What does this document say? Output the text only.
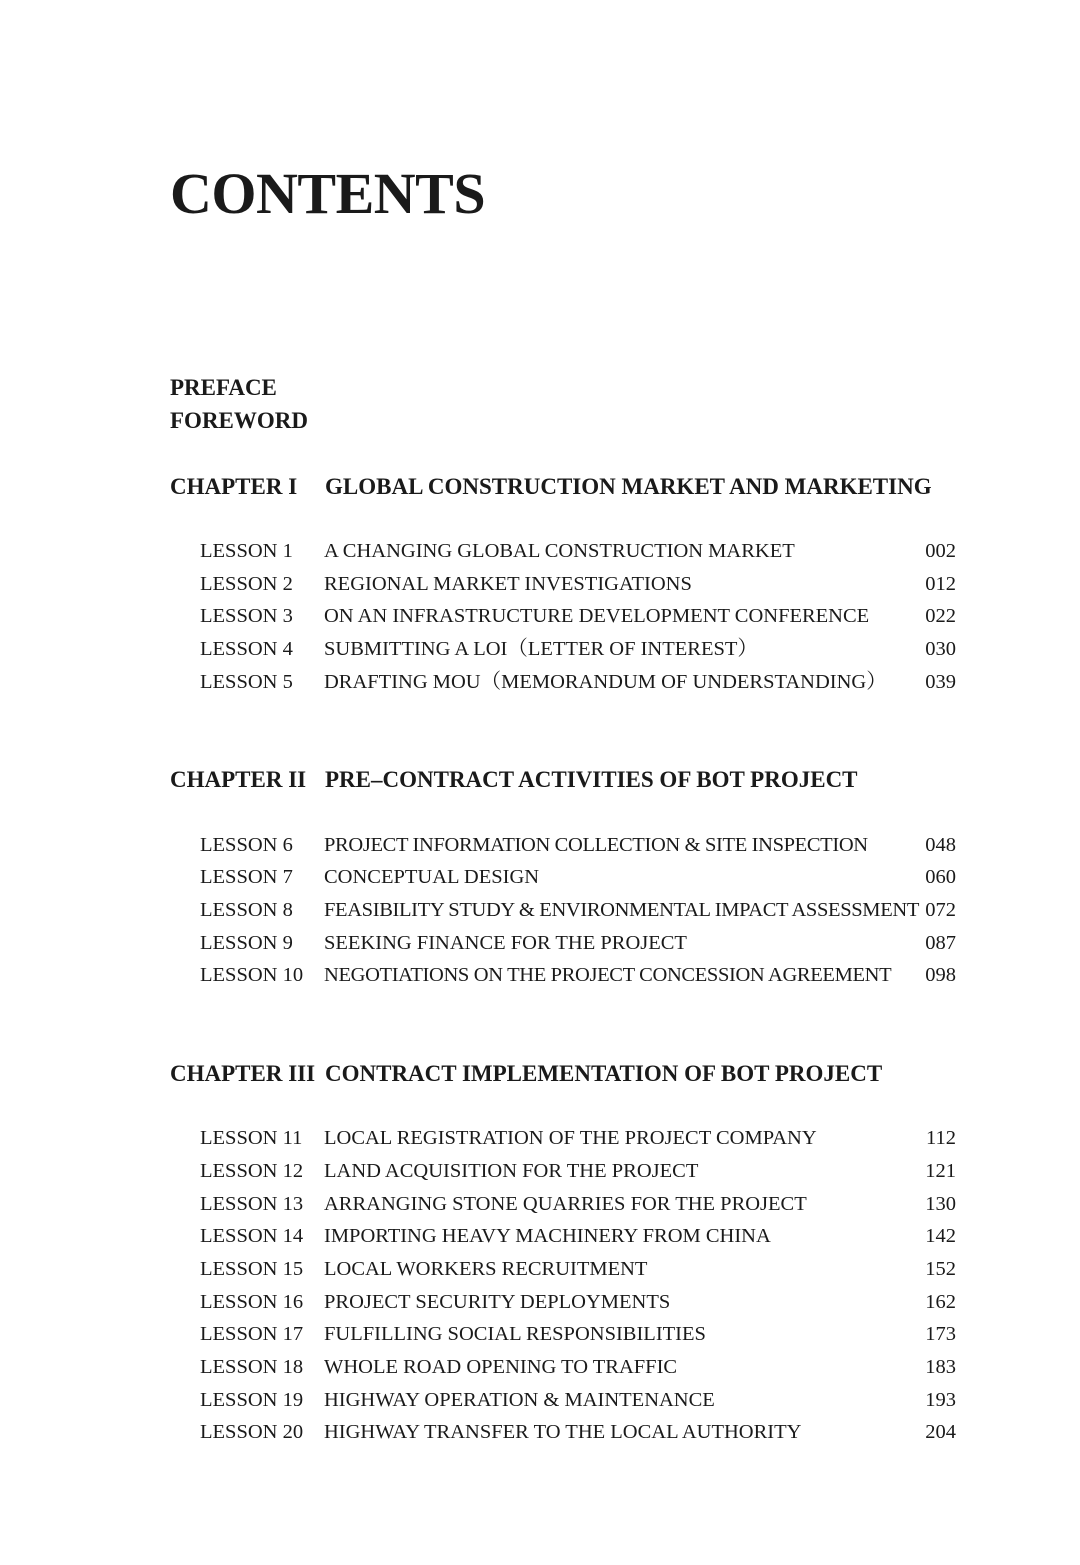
CONTENTS
PREFACE
FOREWORD
CHAPTER I GLOBAL CONSTRUCTION MARKET AND MARKETING
LESSON 1 A CHANGING GLOBAL CONSTRUCTION MARKET	002
LESSON 2 REGIONAL MARKET INVESTIGATIONS	012
LESSON 3 ON AN INFRASTRUCTURE DEVELOPMENT CONFERENCE	022
LESSON 4 SUBMITTING A LOI（LETTER OF INTEREST）	030
LESSON 5 DRAFTING MOU（MEMORANDUM OF UNDERSTANDING） 039
CHAPTER II PRE–CONTRACT ACTIVITIES OF BOT PROJECT
LESSON 6 PROJECT INFORMATION COLLECTION & SITE INSPECTION	048
LESSON 7 CONCEPTUAL DESIGN	060
LESSON 8 FEASIBILITY STUDY & ENVIRONMENTAL IMPACT ASSESSMENT 072
LESSON 9 SEEKING FINANCE FOR THE PROJECT	087
LESSON 10 NEGOTIATIONS ON THE PROJECT CONCESSION AGREEMENT 098
CHAPTER III CONTRACT IMPLEMENTATION OF BOT PROJECT
LESSON 11 LOCAL REGISTRATION OF THE PROJECT COMPANY	112
LESSON 12 LAND ACQUISITION FOR THE PROJECT	121
LESSON 13 ARRANGING STONE QUARRIES FOR THE PROJECT	130
LESSON 14 IMPORTING HEAVY MACHINERY FROM CHINA	142
LESSON 15 LOCAL WORKERS RECRUITMENT	152
LESSON 16 PROJECT SECURITY DEPLOYMENTS	162
LESSON 17 FULFILLING SOCIAL RESPONSIBILITIES	173
LESSON 18 WHOLE ROAD OPENING TO TRAFFIC	183
LESSON 19 HIGHWAY OPERATION & MAINTENANCE	193
LESSON 20 HIGHWAY TRANSFER TO THE LOCAL AUTHORITY	204
